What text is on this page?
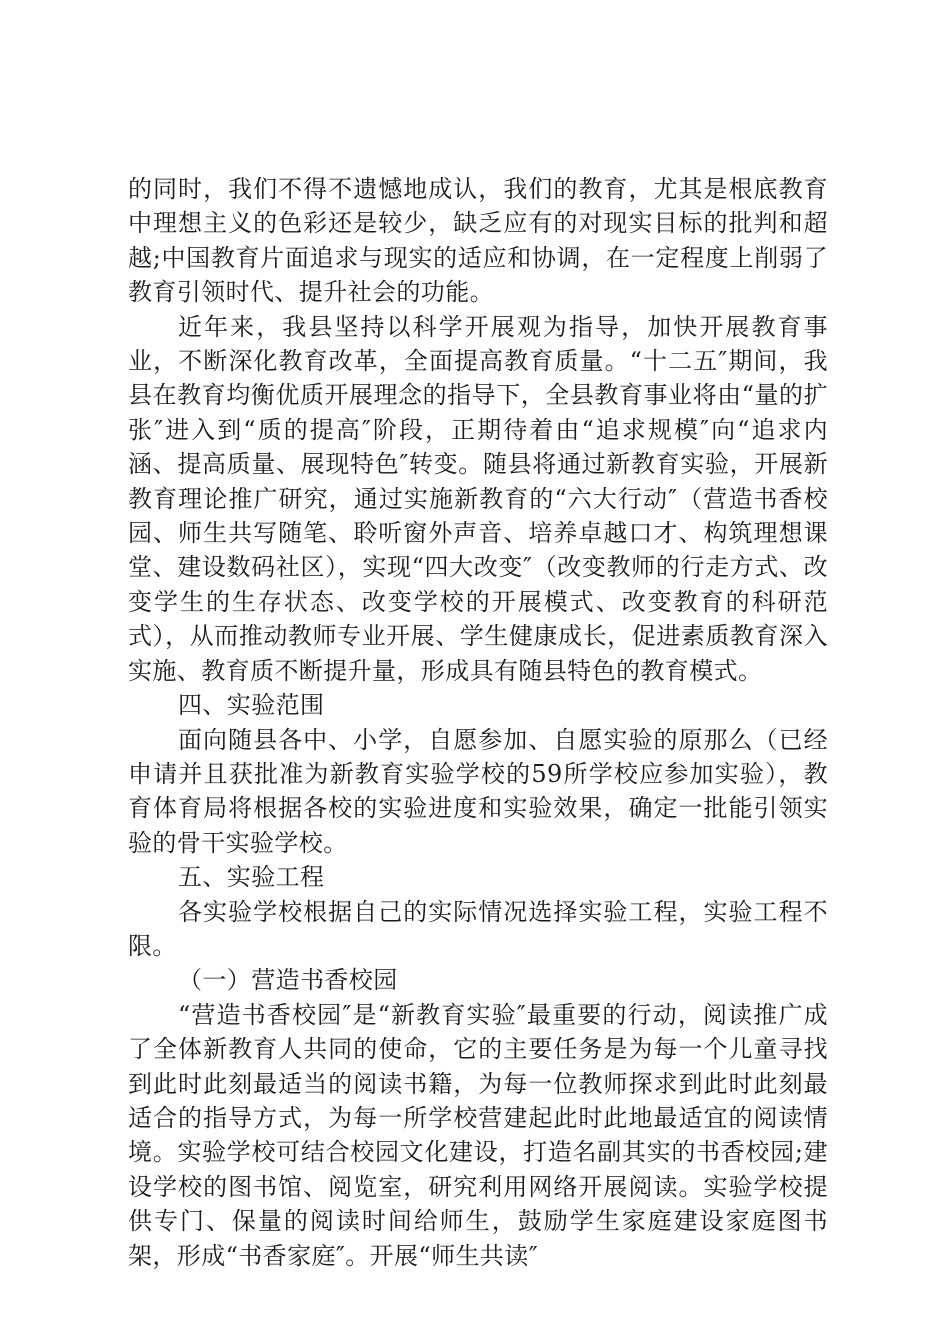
的同时，我们不得不遗憾地成认，我们的教育，尤其是根底教育中理想主义的色彩还是较少，缺乏应有的对现实目标的批判和超越;中国教育片面追求与现实的适应和协调，在一定程度上削弱了教育引领时代、提升社会的功能。

近年来，我县坚持以科学开展观为指导，加快开展教育事业，不断深化教育改革，全面提高教育质量。“十二五″期间，我县在教育均衡优质开展理念的指导下，全县教育事业将由“量的扩张″进入到“质的提高″阶段，正期待着由“追求规模″向“追求内涵、提高质量、展现特色″转变。随县将通过新教育实验，开展新教育理论推广研究，通过实施新教育的“六大行动″（营造书香校园、师生共写随笔、聆听窗外声音、培养卓越口才、构筑理想课堂、建设数码社区），实现“四大改变″（改变教师的行走方式、改变学生的生存状态、改变学校的开展模式、改变教育的科研范式），从而推动教师专业开展、学生健康成长，促进素质教育深入实施、教育质不断提升量，形成具有随县特色的教育模式。

四、实验范围

面向随县各中、小学，自愿参加、自愿实验的原那么（已经申请并且获批准为新教育实验学校的59所学校应参加实验），教育体育局将根据各校的实验进度和实验效果，确定一批能引领实验的骨干实验学校。

五、实验工程

各实验学校根据自己的实际情况选择实验工程，实验工程不限。

（一）营造书香校园

“营造书香校园″是“新教育实验″最重要的行动，阅读推广成了全体新教育人共同的使命，它的主要任务是为每一个儿童寻找到此时此刻最适当的阅读书籍，为每一位教师探求到此时此刻最适合的指导方式，为每一所学校营建起此时此地最适宜的阅读情境。实验学校可结合校园文化建设，打造名副其实的书香校园;建设学校的图书馆、阅览室，研究利用网络开展阅读。实验学校提供专门、保量的阅读时间给师生，鼓励学生家庭建设家庭图书架，形成“书香家庭″。开展“师生共读″
